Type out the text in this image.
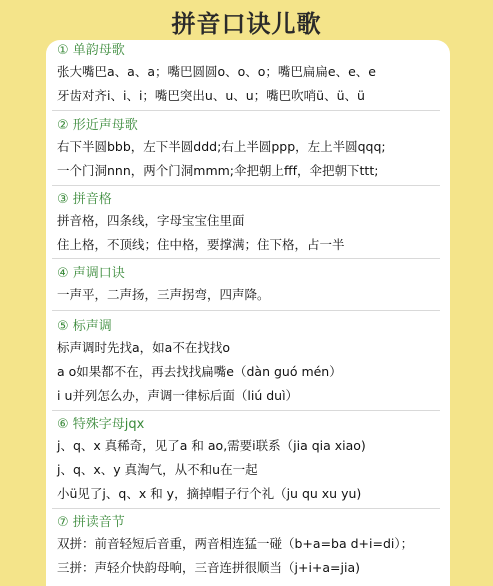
拼音口诀儿歌
① 单韵母歌
张大嘴巴a、a、a；嘴巴圆圆o、o、o；嘴巴扁扁e、e、e
牙齿对齐i、i、i；嘴巴突出u、u、u；嘴巴吹哨ü、ü、ü
② 形近声母歌
右下半圆bbb，左下半圆ddd;右上半圆ppp，左上半圆qqq;
一个门洞nnn，两个门洞mmm;伞把朝上fff，伞把朝下ttt;
③ 拼音格
拼音格，四条线，字母宝宝住里面
住上格，不顶线；住中格，要撑满；住下格，占一半
④ 声调口诀
一声平，二声扬，三声拐弯，四声降。
⑤ 标声调
标声调时先找a，如a不在找找o
a o如果都不在，再去找找扁嘴e（dàn guó mén）
i u并列怎么办，声调一律标后面（liú duì）
⑥ 特殊字母jqx
j、q、x 真稀奇，见了a 和 ao,需要i联系（jia qia xiao)
j、q、x、y 真淘气，从不和u在一起
小ü见了j、q、x 和 y，摘掉帽子行个礼（ju qu xu yu)
⑦ 拼读音节
双拼：前音轻短后音重，两音相连猛一碰（b+a=ba d+i=di）；
三拼：声轻介快韵母响，三音连拼很顺当（j+i+a=jia)
